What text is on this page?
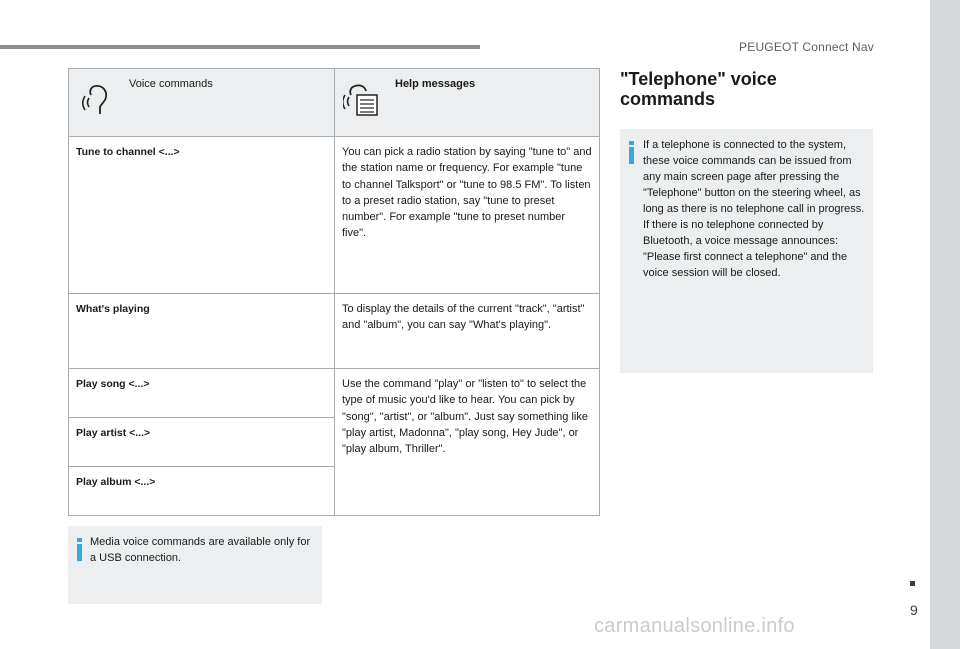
PEUGEOT Connect Nav
Voice commands	Help messages

Tune to channel <...>	You can pick a radio station by saying "tune to" and the station name or frequency. For example "tune to channel Talksport" or "tune to 98.5 FM". To listen to a preset radio station, say "tune to preset number". For example "tune to preset number five".
What's playing	To display the details of the current "track", "artist" and "album", you can say "What's playing".
Play song <...>	Use the command "play" or "listen to" to select the type of music you'd like to hear. You can pick by "song", "artist", or "album". Just say something like "play artist, Madonna", "play song, Hey Jude", or "play album, Thriller".
Play artist <...>	
Play album <...>	
Media voice commands are available only for a USB connection.
"Telephone" voice commands
If a telephone is connected to the system, these voice commands can be issued from any main screen page after pressing the "Telephone" button on the steering wheel, as long as there is no telephone call in progress.
If there is no telephone connected by Bluetooth, a voice message announces: "Please first connect a telephone" and the voice session will be closed.
9
carmanualsonline.info
